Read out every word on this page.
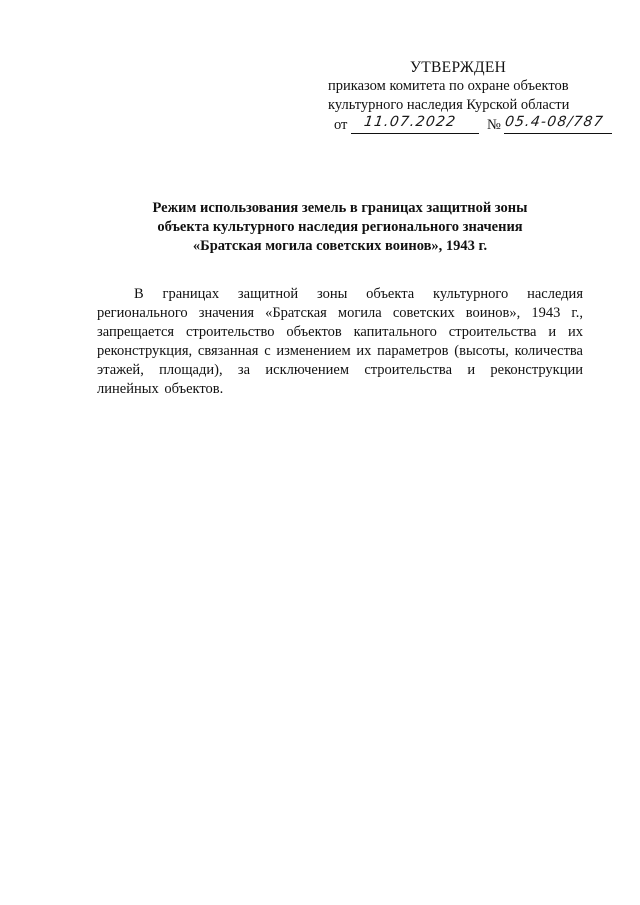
УТВЕРЖДЕН
приказом комитета по охране объектов
культурного наследия Курской области
от 11.07.2022 № 05.4-08/787
Режим использования земель в границах защитной зоны
объекта культурного наследия регионального значения
«Братская могила советских воинов», 1943 г.
В границах защитной зоны объекта культурного наследия регионального значения «Братская могила советских воинов», 1943 г., запрещается строительство объектов капитального строительства и их реконструкция, связанная с изменением их параметров (высоты, количества этажей, площади), за исключением строительства и реконструкции линейных объектов.
